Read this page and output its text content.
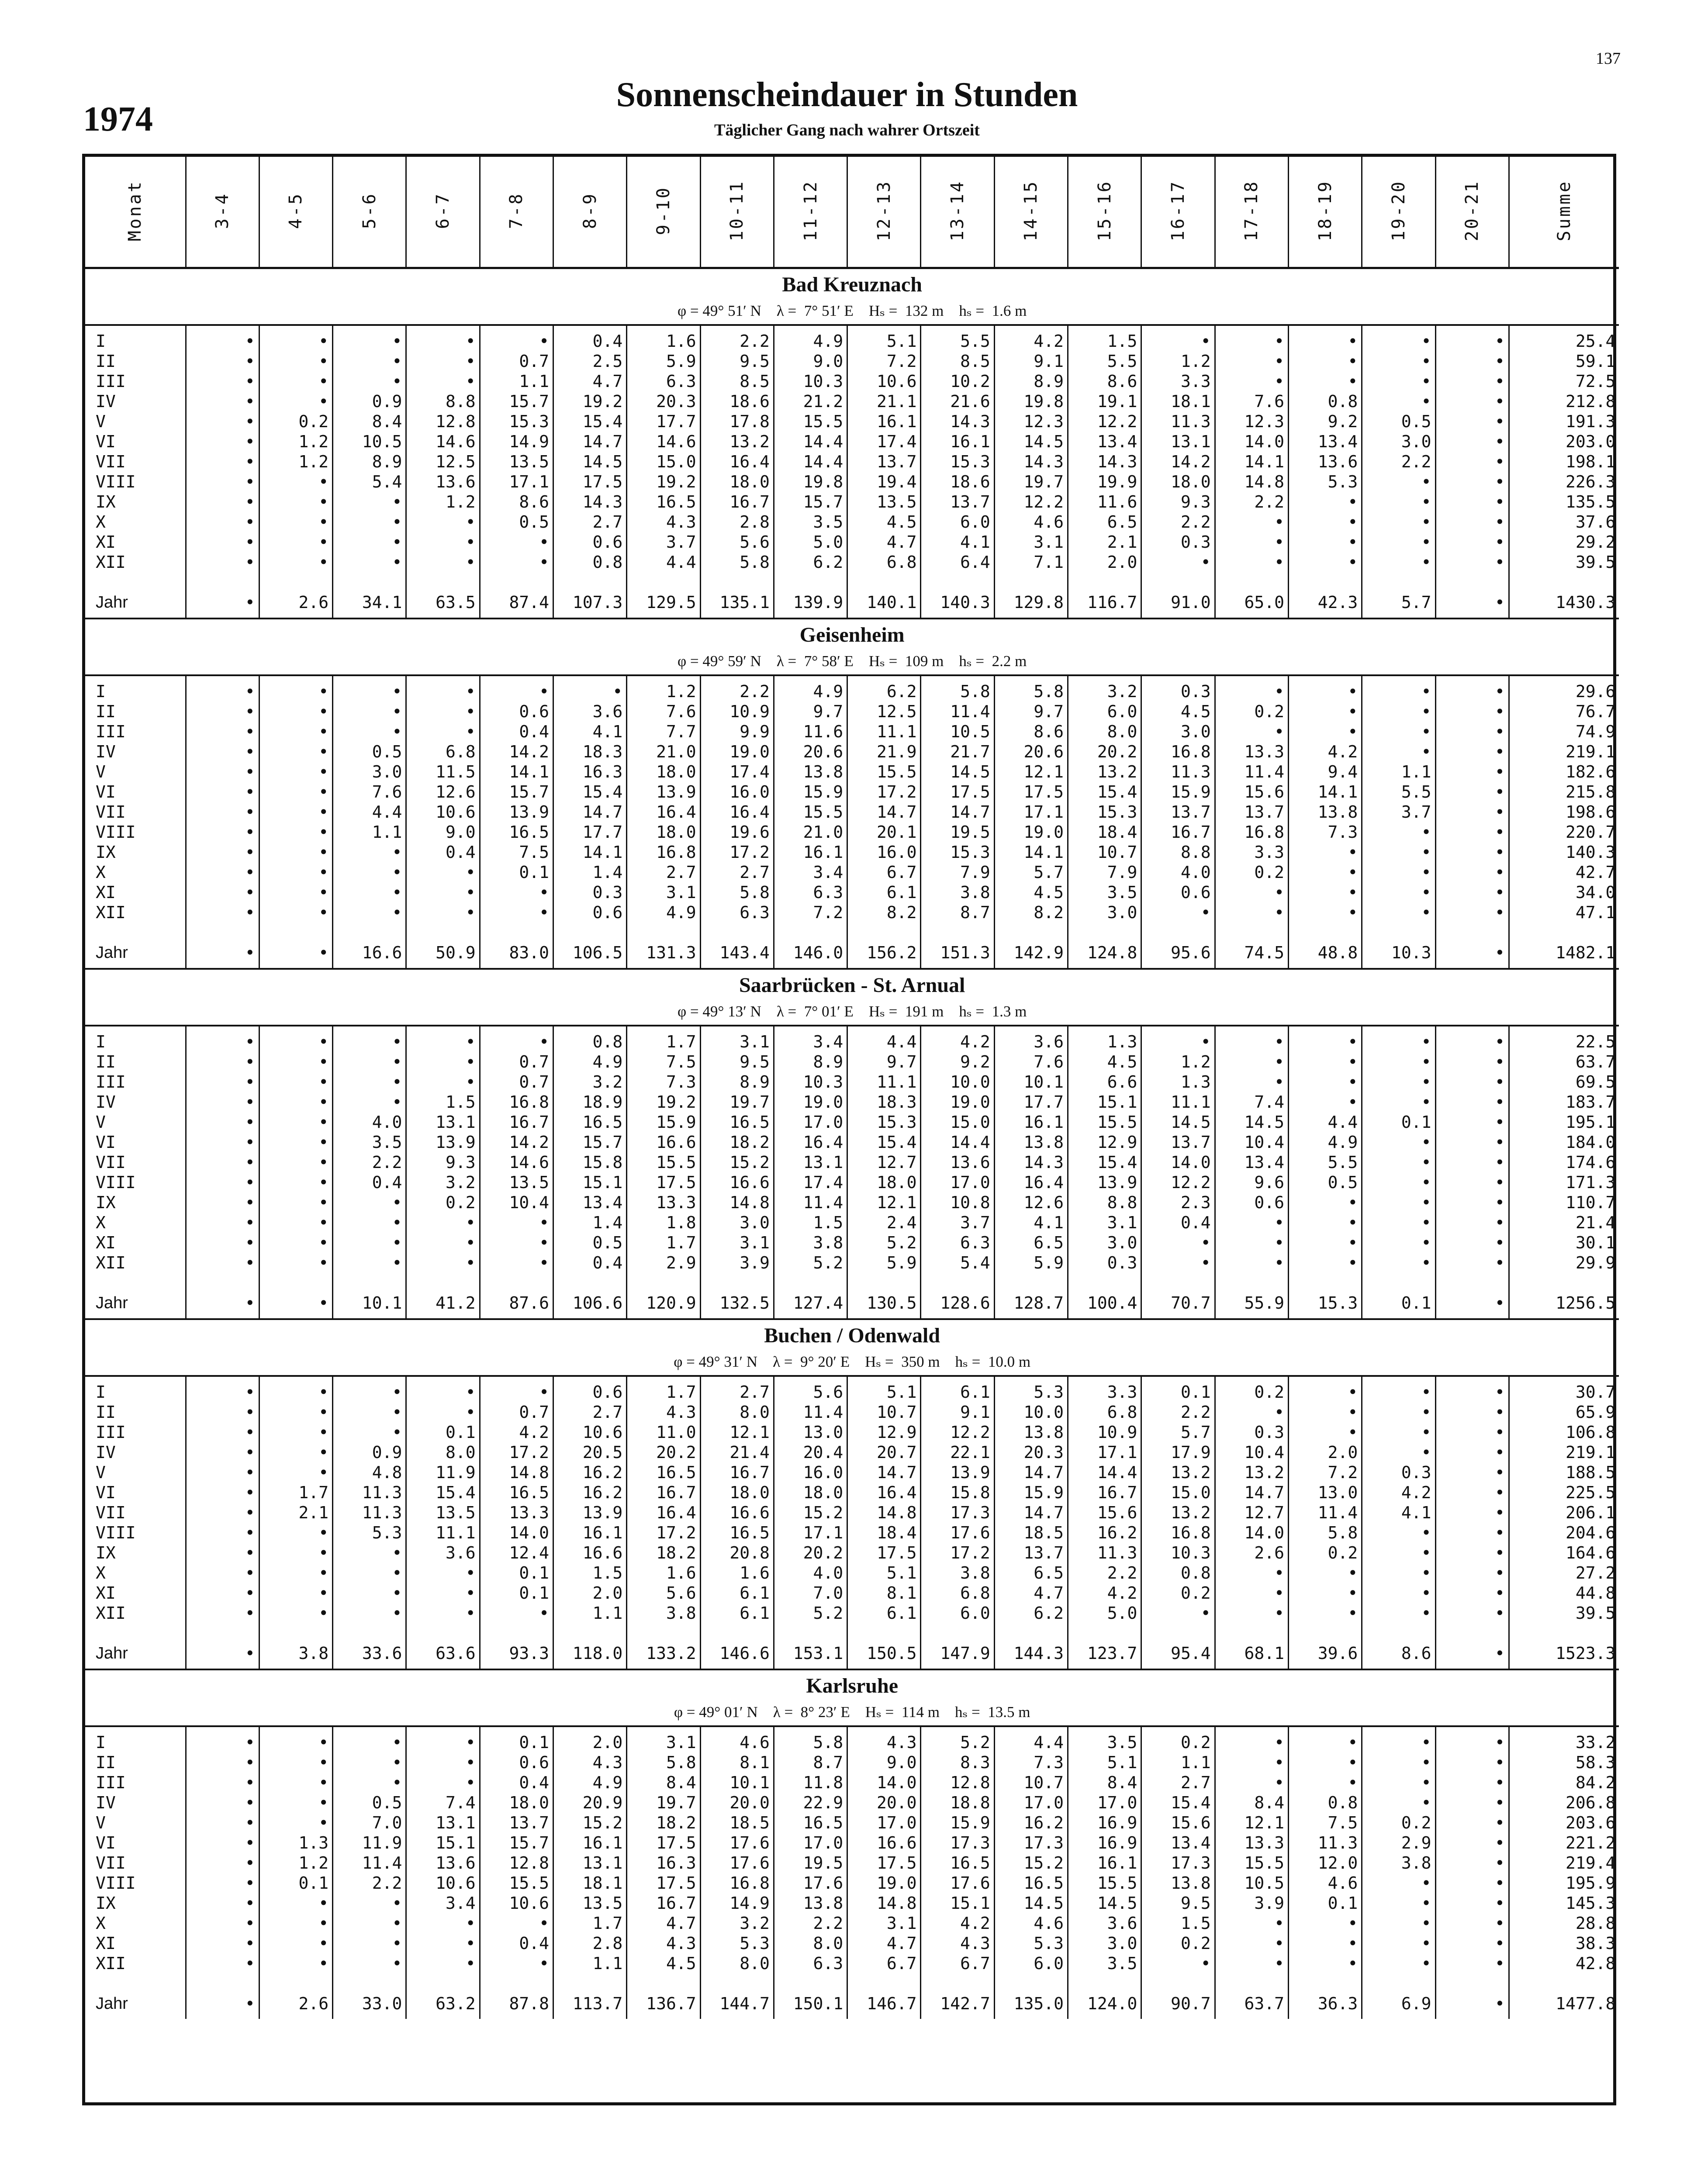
137
1974
Sonnenscheindauer in Stunden
Täglicher Gang nach wahrer Ortszeit
Monat	3-4	4-5	5-6	6-7	7-8	8-9	9-10	10-11	11-12	12-13	13-14	14-15	15-16	16-17	17-18	18-19	19-20	20-21	Summe
Bad Kreuznach																			
φ = 49° 51′ N    λ =  7° 51′ E    Hₛ =  132 m    hₛ =  1.6 m																			
I	•	•	•	•	•	0.4	1.6	2.2	4.9	5.1	5.5	4.2	1.5	•	•	•	•	•	25.4
II	•	•	•	•	0.7	2.5	5.9	9.5	9.0	7.2	8.5	9.1	5.5	1.2	•	•	•	•	59.1
III	•	•	•	•	1.1	4.7	6.3	8.5	10.3	10.6	10.2	8.9	8.6	3.3	•	•	•	•	72.5
IV	•	•	0.9	8.8	15.7	19.2	20.3	18.6	21.2	21.1	21.6	19.8	19.1	18.1	7.6	0.8	•	•	212.8
V	•	0.2	8.4	12.8	15.3	15.4	17.7	17.8	15.5	16.1	14.3	12.3	12.2	11.3	12.3	9.2	0.5	•	191.3
VI	•	1.2	10.5	14.6	14.9	14.7	14.6	13.2	14.4	17.4	16.1	14.5	13.4	13.1	14.0	13.4	3.0	•	203.0
VII	•	1.2	8.9	12.5	13.5	14.5	15.0	16.4	14.4	13.7	15.3	14.3	14.3	14.2	14.1	13.6	2.2	•	198.1
VIII	•	•	5.4	13.6	17.1	17.5	19.2	18.0	19.8	19.4	18.6	19.7	19.9	18.0	14.8	5.3	•	•	226.3
IX	•	•	•	1.2	8.6	14.3	16.5	16.7	15.7	13.5	13.7	12.2	11.6	9.3	2.2	•	•	•	135.5
X	•	•	•	•	0.5	2.7	4.3	2.8	3.5	4.5	6.0	4.6	6.5	2.2	•	•	•	•	37.6
XI	•	•	•	•	•	0.6	3.7	5.6	5.0	4.7	4.1	3.1	2.1	0.3	•	•	•	•	29.2
XII	•	•	•	•	•	0.8	4.4	5.8	6.2	6.8	6.4	7.1	2.0	•	•	•	•	•	39.5

Jahr	•	2.6	34.1	63.5	87.4	107.3	129.5	135.1	139.9	140.1	140.3	129.8	116.7	91.0	65.0	42.3	5.7	•	1430.3
Geisenheim																			
φ = 49° 59′ N    λ =  7° 58′ E    Hₛ =  109 m    hₛ =  2.2 m																			
I	•	•	•	•	•	•	1.2	2.2	4.9	6.2	5.8	5.8	3.2	0.3	•	•	•	•	29.6
II	•	•	•	•	0.6	3.6	7.6	10.9	9.7	12.5	11.4	9.7	6.0	4.5	0.2	•	•	•	76.7
III	•	•	•	•	0.4	4.1	7.7	9.9	11.6	11.1	10.5	8.6	8.0	3.0	•	•	•	•	74.9
IV	•	•	0.5	6.8	14.2	18.3	21.0	19.0	20.6	21.9	21.7	20.6	20.2	16.8	13.3	4.2	•	•	219.1
V	•	•	3.0	11.5	14.1	16.3	18.0	17.4	13.8	15.5	14.5	12.1	13.2	11.3	11.4	9.4	1.1	•	182.6
VI	•	•	7.6	12.6	15.7	15.4	13.9	16.0	15.9	17.2	17.5	17.5	15.4	15.9	15.6	14.1	5.5	•	215.8
VII	•	•	4.4	10.6	13.9	14.7	16.4	16.4	15.5	14.7	14.7	17.1	15.3	13.7	13.7	13.8	3.7	•	198.6
VIII	•	•	1.1	9.0	16.5	17.7	18.0	19.6	21.0	20.1	19.5	19.0	18.4	16.7	16.8	7.3	•	•	220.7
IX	•	•	•	0.4	7.5	14.1	16.8	17.2	16.1	16.0	15.3	14.1	10.7	8.8	3.3	•	•	•	140.3
X	•	•	•	•	0.1	1.4	2.7	2.7	3.4	6.7	7.9	5.7	7.9	4.0	0.2	•	•	•	42.7
XI	•	•	•	•	•	0.3	3.1	5.8	6.3	6.1	3.8	4.5	3.5	0.6	•	•	•	•	34.0
XII	•	•	•	•	•	0.6	4.9	6.3	7.2	8.2	8.7	8.2	3.0	•	•	•	•	•	47.1

Jahr	•	•	16.6	50.9	83.0	106.5	131.3	143.4	146.0	156.2	151.3	142.9	124.8	95.6	74.5	48.8	10.3	•	1482.1
Saarbrücken - St. Arnual																			
φ = 49° 13′ N    λ =  7° 01′ E    Hₛ =  191 m    hₛ =  1.3 m																			
I	•	•	•	•	•	0.8	1.7	3.1	3.4	4.4	4.2	3.6	1.3	•	•	•	•	•	22.5
II	•	•	•	•	0.7	4.9	7.5	9.5	8.9	9.7	9.2	7.6	4.5	1.2	•	•	•	•	63.7
III	•	•	•	•	0.7	3.2	7.3	8.9	10.3	11.1	10.0	10.1	6.6	1.3	•	•	•	•	69.5
IV	•	•	•	1.5	16.8	18.9	19.2	19.7	19.0	18.3	19.0	17.7	15.1	11.1	7.4	•	•	•	183.7
V	•	•	4.0	13.1	16.7	16.5	15.9	16.5	17.0	15.3	15.0	16.1	15.5	14.5	14.5	4.4	0.1	•	195.1
VI	•	•	3.5	13.9	14.2	15.7	16.6	18.2	16.4	15.4	14.4	13.8	12.9	13.7	10.4	4.9	•	•	184.0
VII	•	•	2.2	9.3	14.6	15.8	15.5	15.2	13.1	12.7	13.6	14.3	15.4	14.0	13.4	5.5	•	•	174.6
VIII	•	•	0.4	3.2	13.5	15.1	17.5	16.6	17.4	18.0	17.0	16.4	13.9	12.2	9.6	0.5	•	•	171.3
IX	•	•	•	0.2	10.4	13.4	13.3	14.8	11.4	12.1	10.8	12.6	8.8	2.3	0.6	•	•	•	110.7
X	•	•	•	•	•	1.4	1.8	3.0	1.5	2.4	3.7	4.1	3.1	0.4	•	•	•	•	21.4
XI	•	•	•	•	•	0.5	1.7	3.1	3.8	5.2	6.3	6.5	3.0	•	•	•	•	•	30.1
XII	•	•	•	•	•	0.4	2.9	3.9	5.2	5.9	5.4	5.9	0.3	•	•	•	•	•	29.9

Jahr	•	•	10.1	41.2	87.6	106.6	120.9	132.5	127.4	130.5	128.6	128.7	100.4	70.7	55.9	15.3	0.1	•	1256.5
Buchen / Odenwald																			
φ = 49° 31′ N    λ =  9° 20′ E    Hₛ =  350 m    hₛ =  10.0 m																			
I	•	•	•	•	•	0.6	1.7	2.7	5.6	5.1	6.1	5.3	3.3	0.1	0.2	•	•	•	30.7
II	•	•	•	•	0.7	2.7	4.3	8.0	11.4	10.7	9.1	10.0	6.8	2.2	•	•	•	•	65.9
III	•	•	•	0.1	4.2	10.6	11.0	12.1	13.0	12.9	12.2	13.8	10.9	5.7	0.3	•	•	•	106.8
IV	•	•	0.9	8.0	17.2	20.5	20.2	21.4	20.4	20.7	22.1	20.3	17.1	17.9	10.4	2.0	•	•	219.1
V	•	•	4.8	11.9	14.8	16.2	16.5	16.7	16.0	14.7	13.9	14.7	14.4	13.2	13.2	7.2	0.3	•	188.5
VI	•	1.7	11.3	15.4	16.5	16.2	16.7	18.0	18.0	16.4	15.8	15.9	16.7	15.0	14.7	13.0	4.2	•	225.5
VII	•	2.1	11.3	13.5	13.3	13.9	16.4	16.6	15.2	14.8	17.3	14.7	15.6	13.2	12.7	11.4	4.1	•	206.1
VIII	•	•	5.3	11.1	14.0	16.1	17.2	16.5	17.1	18.4	17.6	18.5	16.2	16.8	14.0	5.8	•	•	204.6
IX	•	•	•	3.6	12.4	16.6	18.2	20.8	20.2	17.5	17.2	13.7	11.3	10.3	2.6	0.2	•	•	164.6
X	•	•	•	•	0.1	1.5	1.6	1.6	4.0	5.1	3.8	6.5	2.2	0.8	•	•	•	•	27.2
XI	•	•	•	•	0.1	2.0	5.6	6.1	7.0	8.1	6.8	4.7	4.2	0.2	•	•	•	•	44.8
XII	•	•	•	•	•	1.1	3.8	6.1	5.2	6.1	6.0	6.2	5.0	•	•	•	•	•	39.5

Jahr	•	3.8	33.6	63.6	93.3	118.0	133.2	146.6	153.1	150.5	147.9	144.3	123.7	95.4	68.1	39.6	8.6	•	1523.3
Karlsruhe																			
φ = 49° 01′ N    λ =  8° 23′ E    Hₛ =  114 m    hₛ =  13.5 m																			
I	•	•	•	•	0.1	2.0	3.1	4.6	5.8	4.3	5.2	4.4	3.5	0.2	•	•	•	•	33.2
II	•	•	•	•	0.6	4.3	5.8	8.1	8.7	9.0	8.3	7.3	5.1	1.1	•	•	•	•	58.3
III	•	•	•	•	0.4	4.9	8.4	10.1	11.8	14.0	12.8	10.7	8.4	2.7	•	•	•	•	84.2
IV	•	•	0.5	7.4	18.0	20.9	19.7	20.0	22.9	20.0	18.8	17.0	17.0	15.4	8.4	0.8	•	•	206.8
V	•	•	7.0	13.1	13.7	15.2	18.2	18.5	16.5	17.0	15.9	16.2	16.9	15.6	12.1	7.5	0.2	•	203.6
VI	•	1.3	11.9	15.1	15.7	16.1	17.5	17.6	17.0	16.6	17.3	17.3	16.9	13.4	13.3	11.3	2.9	•	221.2
VII	•	1.2	11.4	13.6	12.8	13.1	16.3	17.6	19.5	17.5	16.5	15.2	16.1	17.3	15.5	12.0	3.8	•	219.4
VIII	•	0.1	2.2	10.6	15.5	18.1	17.5	16.8	17.6	19.0	17.6	16.5	15.5	13.8	10.5	4.6	•	•	195.9
IX	•	•	•	3.4	10.6	13.5	16.7	14.9	13.8	14.8	15.1	14.5	14.5	9.5	3.9	0.1	•	•	145.3
X	•	•	•	•	•	1.7	4.7	3.2	2.2	3.1	4.2	4.6	3.6	1.5	•	•	•	•	28.8
XI	•	•	•	•	0.4	2.8	4.3	5.3	8.0	4.7	4.3	5.3	3.0	0.2	•	•	•	•	38.3
XII	•	•	•	•	•	1.1	4.5	8.0	6.3	6.7	6.7	6.0	3.5	•	•	•	•	•	42.8

Jahr	•	2.6	33.0	63.2	87.8	113.7	136.7	144.7	150.1	146.7	142.7	135.0	124.0	90.7	63.7	36.3	6.9	•	1477.8
